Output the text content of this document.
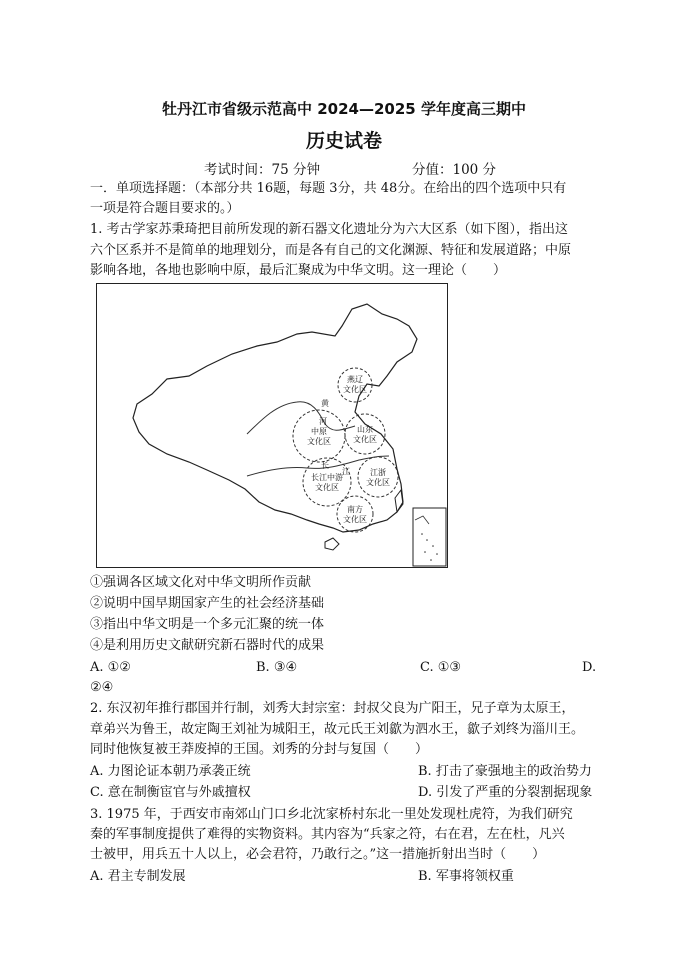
牡丹江市省级示范高中 2024—2025 学年度高三期中
历史试卷
考试时间：75 分钟	分值：100 分
一．单项选择题：（本部分共 16题，每题 3分，共 48分。在给出的四个选项中只有
一项是符合题目要求的。）
1. 考古学家苏秉琦把目前所发现的新石器文化遗址分为六大区系（如下图），指出这
六个区系并不是简单的地理划分，而是各有自己的文化渊源、特征和发展道路；中原
影响各地，各地也影响中原，最后汇聚成为中华文明。这一理论（　　）
燕辽
文化区
中原
文化区
山东
文化区
长江中游
文化区
江浙
文化区
南方
文化区
黄
河
长
江
①强调各区域文化对中华文明所作贡献
②说明中国早期国家产生的社会经济基础
③指出中华文明是一个多元汇聚的统一体
④是利用历史文献研究新石器时代的成果
A. ①②	B. ③④	C. ①③	D.
②④
2. 东汉初年推行郡国并行制，刘秀大封宗室：封叔父良为广阳王，兄子章为太原王，
章弟兴为鲁王，故定陶王刘祉为城阳王，故元氏王刘歙为泗水王，歙子刘终为淄川王。
同时他恢复被王莽废掉的王国。刘秀的分封与复国（　　）
A. 力图论证本朝乃承袭正统	B. 打击了豪强地主的政治势力
C. 意在制衡宦官与外戚擅权	D. 引发了严重的分裂割据现象
3. 1975 年，于西安市南郊山门口乡北沈家桥村东北一里处发现杜虎符，为我们研究
秦的军事制度提供了难得的实物资料。其内容为“兵家之符，右在君，左在杜，凡兴
士被甲，用兵五十人以上，必会君符，乃敢行之。”这一措施折射出当时（　　）
A. 君主专制发展	B. 军事将领权重
